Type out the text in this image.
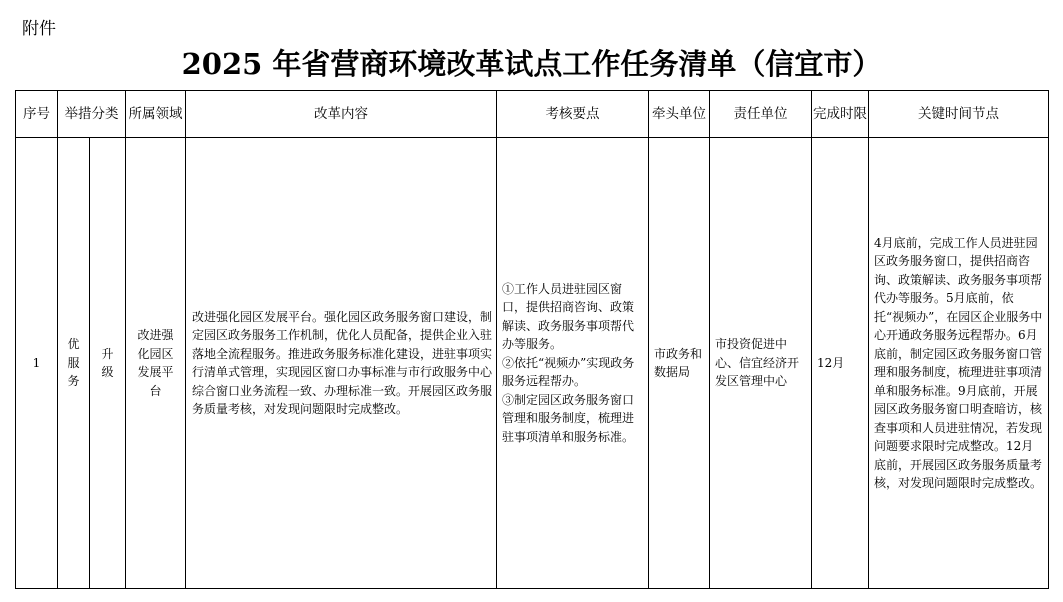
附件
2025 年省营商环境改革试点工作任务清单（信宜市）
序号	举措分类		所属领域	改革内容	考核要点	牵头单位	责任单位	完成时限	关键时间节点
1	优服务	升级	改进强化园区发展平台	改进强化园区发展平台。强化园区政务服务窗口建设，制定园区政务服务工作机制，优化人员配备，提供企业入驻落地全流程服务。推进政务服务标准化建设，进驻事项实行清单式管理，实现园区窗口办事标准与市行政服务中心综合窗口业务流程一致、办理标准一致。开展园区政务服务质量考核，对发现问题限时完成整改。	①工作人员进驻园区窗口，提供招商咨询、政策解读、政务服务事项帮代办等服务。
②依托“视频办”实现政务服务远程帮办。
③制定园区政务服务窗口管理和服务制度，梳理进驻事项清单和服务标准。	市政务和数据局	市投资促进中心、信宜经济开发区管理中心	12月	4月底前，完成工作人员进驻园区政务服务窗口，提供招商咨询、政策解读、政务服务事项帮代办等服务。5月底前，依托“视频办”，在园区企业服务中心开通政务服务远程帮办。6月底前，制定园区政务服务窗口管理和服务制度，梳理进驻事项清单和服务标准。9月底前，开展园区政务服务窗口明查暗访，核查事项和人员进驻情况，若发现问题要求限时完成整改。12月底前，开展园区政务服务质量考核，对发现问题限时完成整改。
